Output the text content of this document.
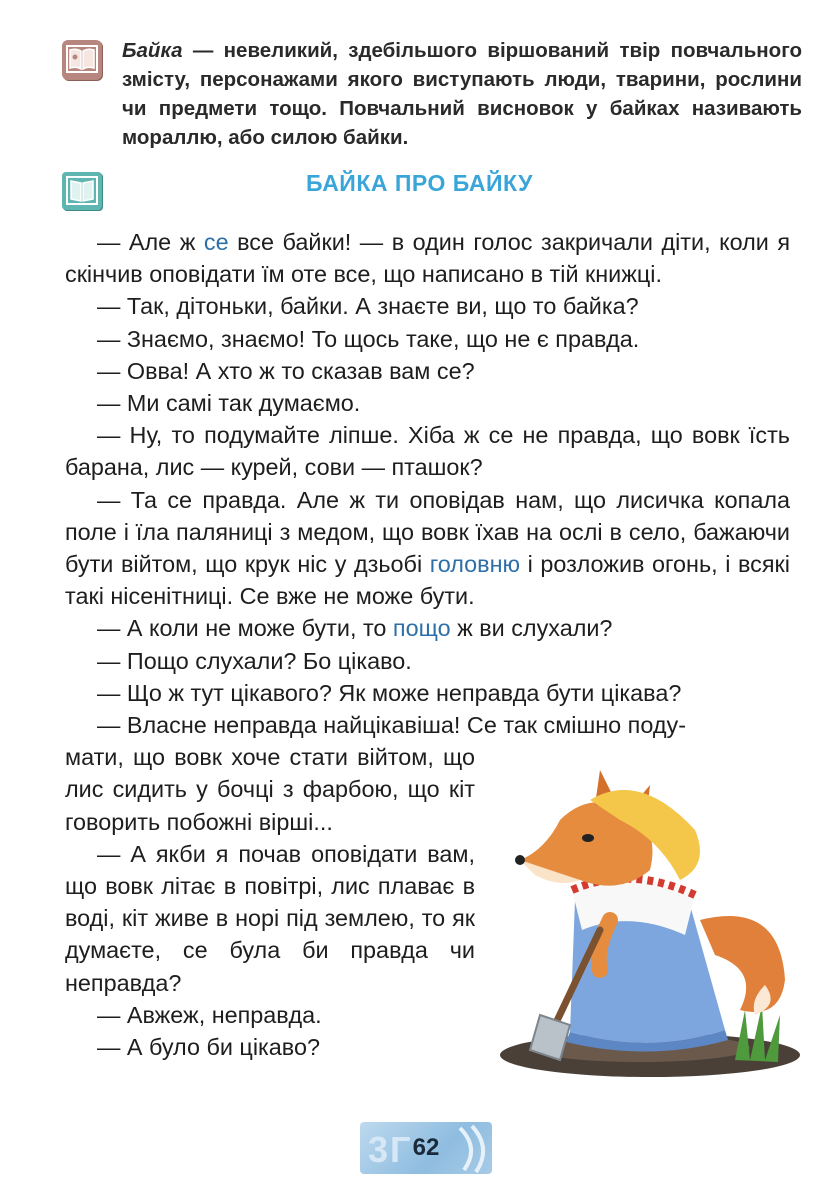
Байка — невеликий, здебільшого віршований твір повчального змісту, персонажами якого виступають люди, тварини, рослини чи предмети тощо. Повчальний висновок у байках називають мораллю, або силою байки.
БАЙКА ПРО БАЙКУ

— Але ж се все байки! — в один голос закричали діти, коли я скінчив оповідати їм оте все, що написано в тій книжці.

— Так, дітоньки, байки. А знаєте ви, що то байка?

— Знаємо, знаємо! То щось таке, що не є правда.

— Овва! А хто ж то сказав вам се?

— Ми самі так думаємо.

— Ну, то подумайте ліпше. Хіба ж се не правда, що вовк їсть барана, лис — курей, сови — пташок?

— Та се правда. Але ж ти оповідав нам, що лисичка копала поле і їла паляниці з медом, що вовк їхав на ослі в село, бажаючи бути війтом, що крук ніс у дзьобі головню і розложив огонь, і всякі такі нісенітниці. Се вже не може бути.

— А коли не може бути, то пощо ж ви слухали?

— Пощо слухали? Бо цікаво.

— Що ж тут цікавого? Як може неправда бути цікава?

— Власне неправда найцікавіша! Се так смішно поду-

мати, що вовк хоче стати війтом, що лис сидить у бочці з фарбою, що кіт говорить побожні вірші...

— А якби я почав оповідати вам, що вовк літає в повітрі, лис плаває в воді, кіт живе в норі під землею, то як думаєте, се була би правда чи неправда?

— Авжеж, неправда.

— А було би цікаво?

3 Г 62
